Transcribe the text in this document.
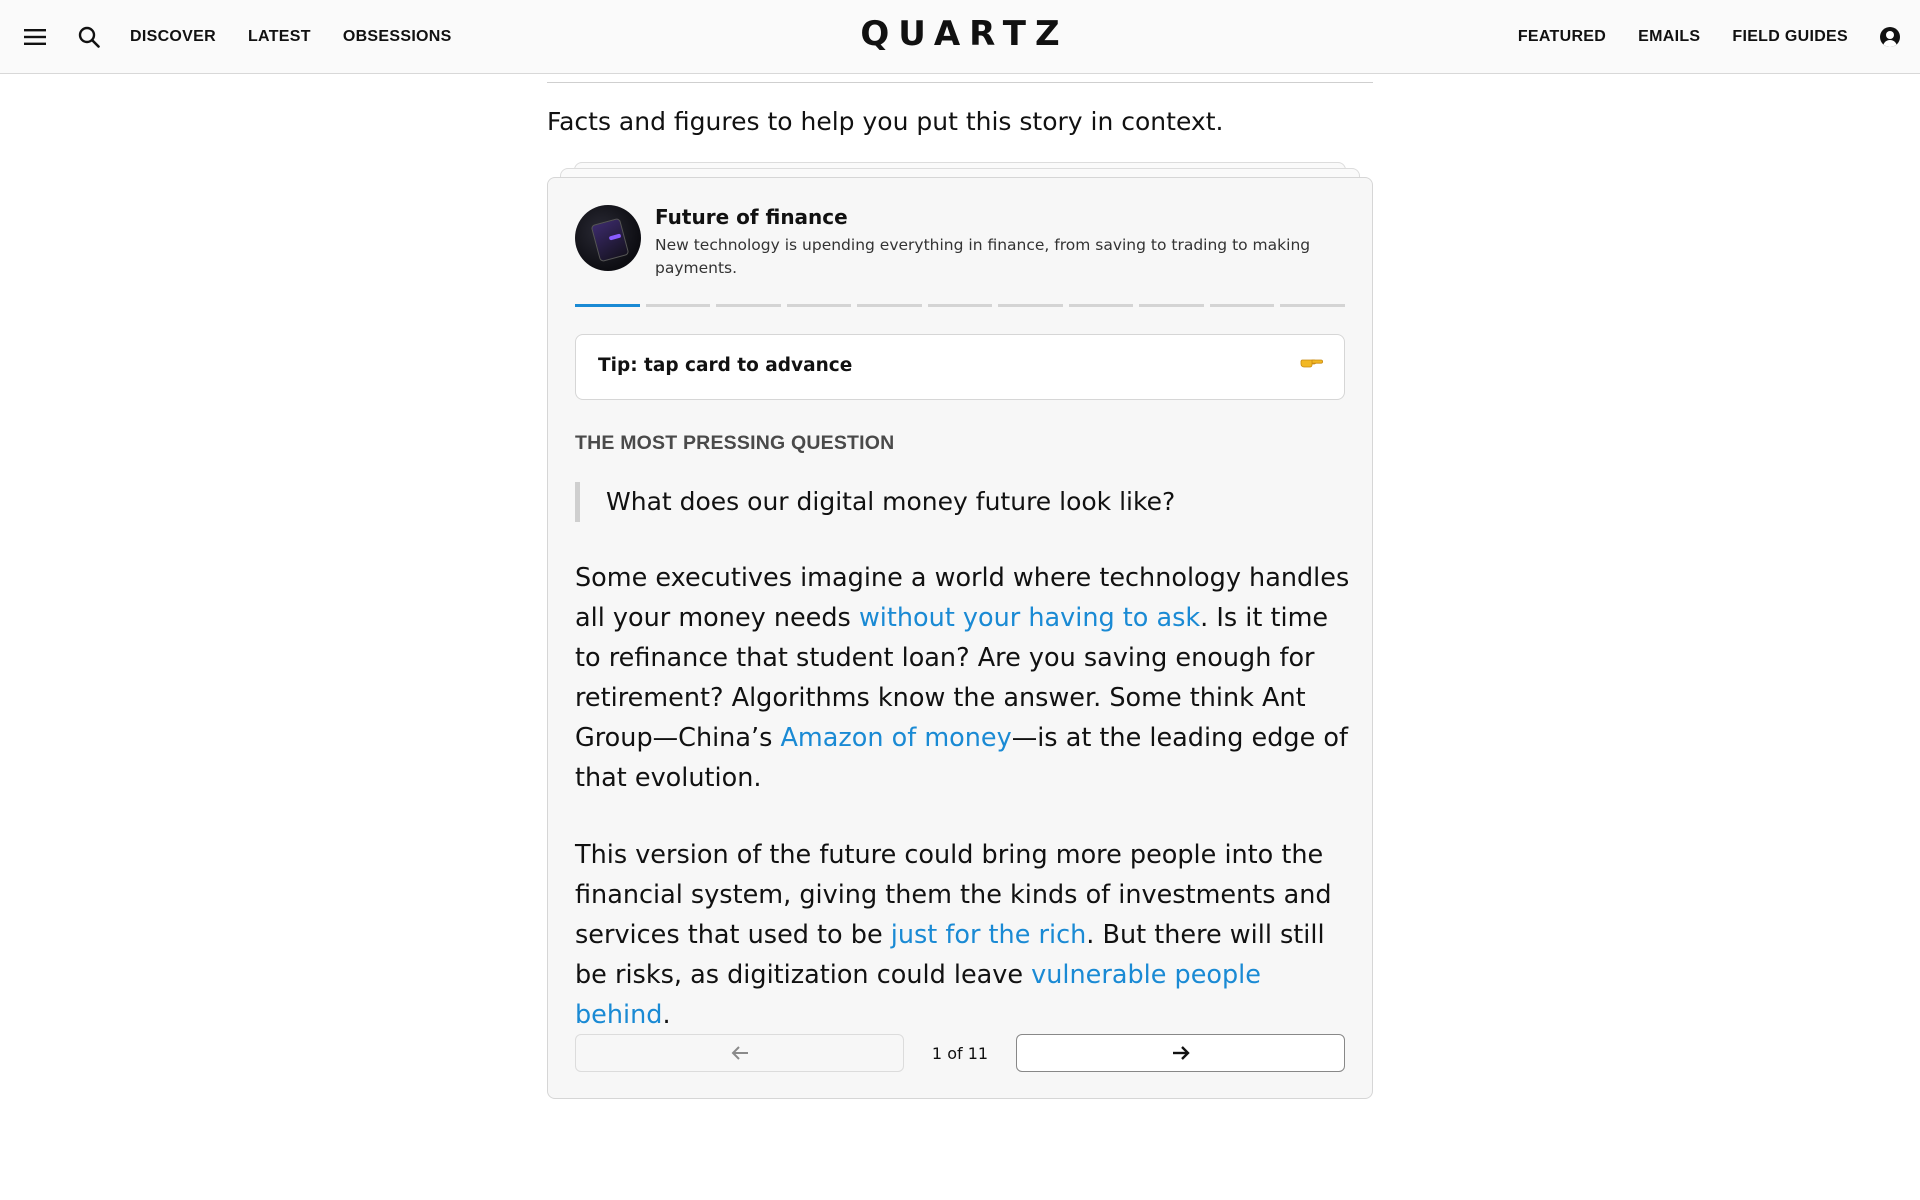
DISCOVER LATEST OBSESSIONS	QUARTZ	FEATURED EMAILS FIELD GUIDES
Facts and figures to help you put this story in context.
Future of finance
New technology is upending everything in finance, from saving to trading to making payments.
Tip: tap card to advance
THE MOST PRESSING QUESTION
What does our digital money future look like?
Some executives imagine a world where technology handles all your money needs without your having to ask. Is it time to refinance that student loan? Are you saving enough for retirement? Algorithms know the answer. Some think Ant Group—China’s Amazon of money—is at the leading edge of that evolution.
This version of the future could bring more people into the financial system, giving them the kinds of investments and services that used to be just for the rich. But there will still be risks, as digitization could leave vulnerable people behind.
1 of 11
